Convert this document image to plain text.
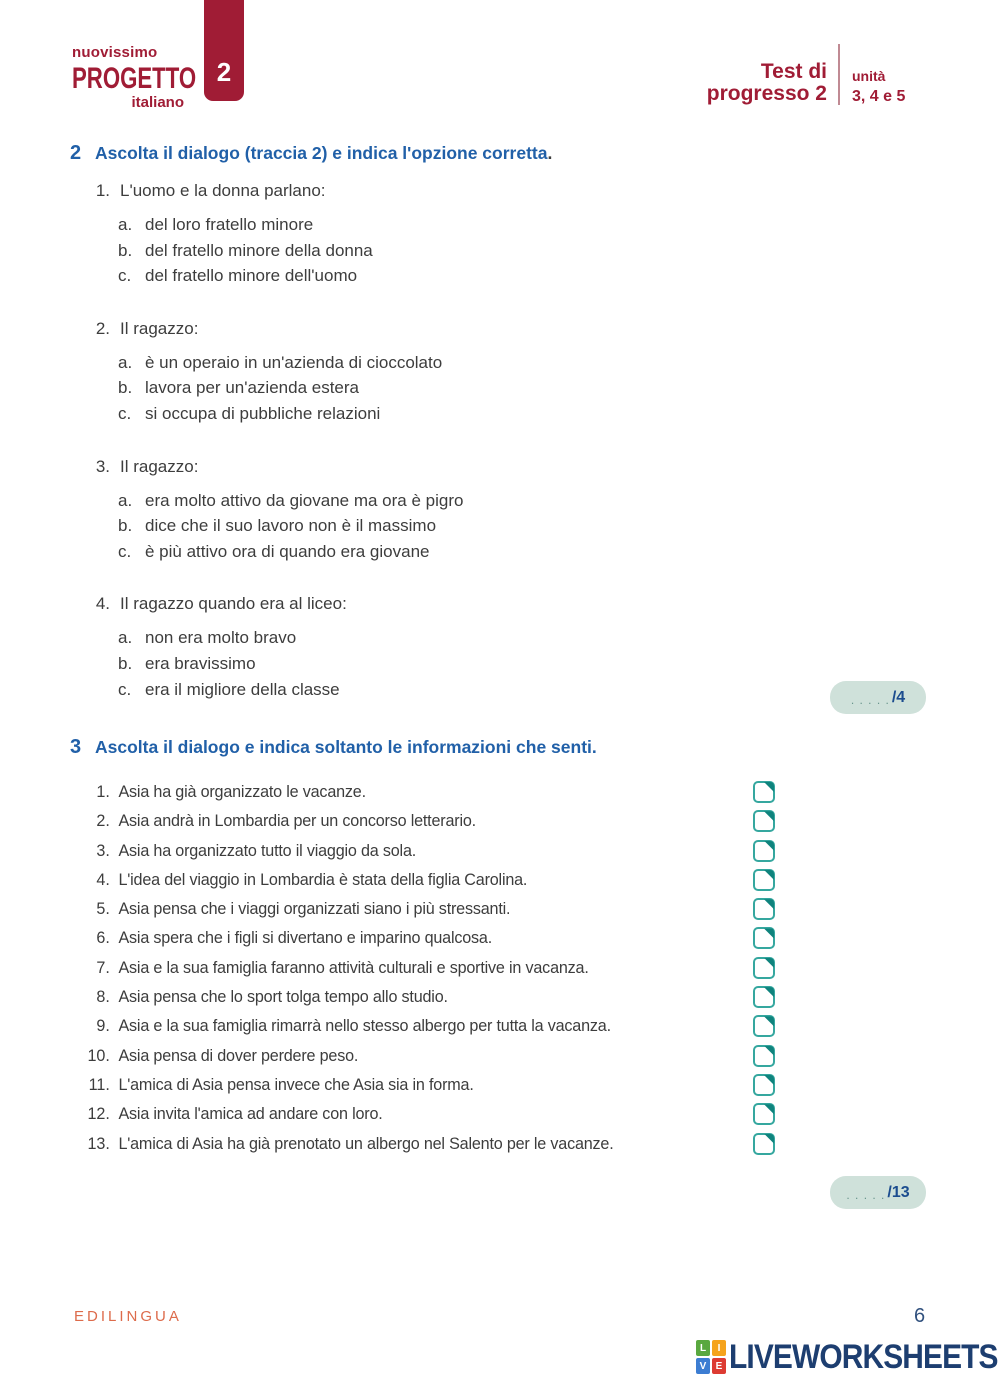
nuovissimo
PROGETTO
italiano
2	Test di
progresso 2
unità
3, 4 e 5
2 Ascolta il dialogo (traccia 2) e indica l'opzione corretta.
1. L'uomo e la donna parlano:
a. del loro fratello minore
b. del fratello minore della donna
c. del fratello minore dell'uomo
2. Il ragazzo:
a. è un operaio in un'azienda di cioccolato
b. lavora per un'azienda estera
c. si occupa di pubbliche relazioni
3. Il ragazzo:
a. era molto attivo da giovane ma ora è pigro
b. dice che il suo lavoro non è il massimo
c. è più attivo ora di quando era giovane
4. Il ragazzo quando era al liceo:
a. non era molto bravo
b. era bravissimo
c. era il migliore della classe
. . . . . /4
3 Ascolta il dialogo e indica soltanto le informazioni che senti.
1. Asia ha già organizzato le vacanze.
2. Asia andrà in Lombardia per un concorso letterario.
3. Asia ha organizzato tutto il viaggio da sola.
4. L'idea del viaggio in Lombardia è stata della figlia Carolina.
5. Asia pensa che i viaggi organizzati siano i più stressanti.
6. Asia spera che i figli si divertano e imparino qualcosa.
7. Asia e la sua famiglia faranno attività culturali e sportive in vacanza.
8. Asia pensa che lo sport tolga tempo allo studio.
9. Asia e la sua famiglia rimarrà nello stesso albergo per tutta la vacanza.
10. Asia pensa di dover perdere peso.
11. L'amica di Asia pensa invece che Asia sia in forma.
12. Asia invita l'amica ad andare con loro.
13. L'amica di Asia ha già prenotato un albergo nel Salento per le vacanze.
. . . . . /13
EDILINGUA	6
L	I
V E LIVEWORKSHEETS
